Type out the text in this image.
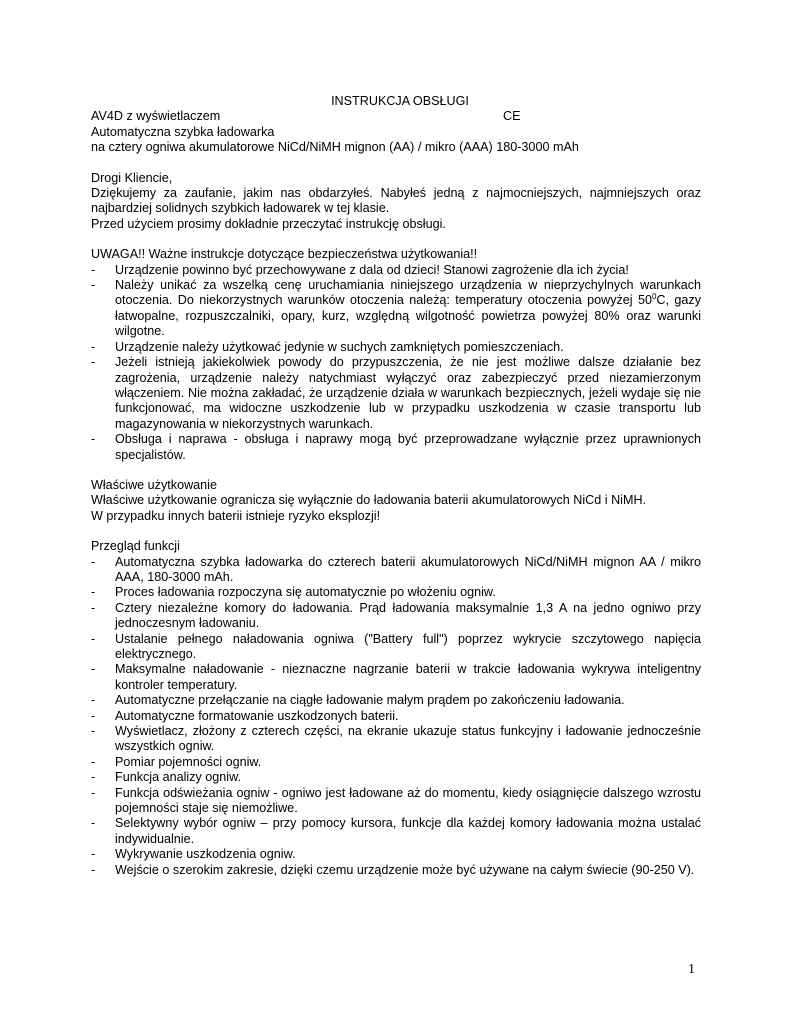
INSTRUKCJA OBSŁUGI

AV4D z wyświetlaczem	CE

Automatyczna szybka ładowarka

na cztery ogniwa akumulatorowe NiCd/NiMH mignon (AA) / mikro (AAA) 180-3000 mAh

Drogi Kliencie,

Dziękujemy za zaufanie, jakim nas obdarzyłeś. Nabyłeś jedną z najmocniejszych, najmniejszych oraz najbardziej solidnych szybkich ładowarek w tej klasie.

Przed użyciem prosimy dokładnie przeczytać instrukcję obsługi.

UWAGA!! Ważne instrukcje dotyczące bezpieczeństwa użytkowania!!

- Urządzenie powinno być przechowywane z dala od dzieci! Stanowi zagrożenie dla ich życia!
- Należy unikać za wszelką cenę uruchamiania niniejszego urządzenia w nieprzychylnych warunkach otoczenia. Do niekorzystnych warunków otoczenia należą: temperatury otoczenia powyżej $50^0C$, gazy łatwopalne, rozpuszczalniki, opary, kurz, względną wilgotność powietrza powyżej 80% oraz warunki wilgotne.
- Urządzenie należy użytkować jedynie w suchych zamkniętych pomieszczeniach.
- Jeżeli istnieją jakiekolwiek powody do przypuszczenia, że nie jest możliwe dalsze działanie bez zagrożenia, urządzenie należy natychmiast wyłączyć oraz zabezpieczyć przed niezamierzonym włączeniem. Nie można zakładać, że urządzenie działa w warunkach bezpiecznych, jeżeli wydaje się nie funkcjonować, ma widoczne uszkodzenie lub w przypadku uszkodzenia w czasie transportu lub magazynowania w niekorzystnych warunkach.
- Obsługa i naprawa - obsługa i naprawy mogą być przeprowadzane wyłącznie przez uprawnionych specjalistów.

Właściwe użytkowanie

Właściwe użytkowanie ogranicza się wyłącznie do ładowania baterii akumulatorowych NiCd i NiMH.

W przypadku innych baterii istnieje ryzyko eksplozji!

Przegląd funkcji

- Automatyczna szybka ładowarka do czterech baterii akumulatorowych NiCd/NiMH mignon AA / mikro AAA, 180-3000 mAh.
- Proces ładowania rozpoczyna się automatycznie po włożeniu ogniw.
- Cztery niezależne komory do ładowania. Prąd ładowania maksymalnie 1,3 A na jedno ogniwo przy jednoczesnym ładowaniu.
- Ustalanie pełnego naładowania ogniwa ("Battery full") poprzez wykrycie szczytowego napięcia elektrycznego.
- Maksymalne naładowanie - nieznaczne nagrzanie baterii w trakcie ładowania wykrywa inteligentny kontroler temperatury.
- Automatyczne przełączanie na ciągłe ładowanie małym prądem po zakończeniu ładowania.
- Automatyczne formatowanie uszkodzonych baterii.
- Wyświetlacz, złożony z czterech części, na ekranie ukazuje status funkcyjny i ładowanie jednocześnie wszystkich ogniw.
- Pomiar pojemności ogniw.
- Funkcja analizy ogniw.
- Funkcja odświeżania ogniw - ogniwo jest ładowane aż do momentu, kiedy osiągnięcie dalszego wzrostu pojemności staje się niemożliwe.
- Selektywny wybór ogniw – przy pomocy kursora, funkcje dla każdej komory ładowania można ustalać indywidualnie.
- Wykrywanie uszkodzenia ogniw.
- Wejście o szerokim zakresie, dzięki czemu urządzenie może być używane na całym świecie (90-250 V).
1
